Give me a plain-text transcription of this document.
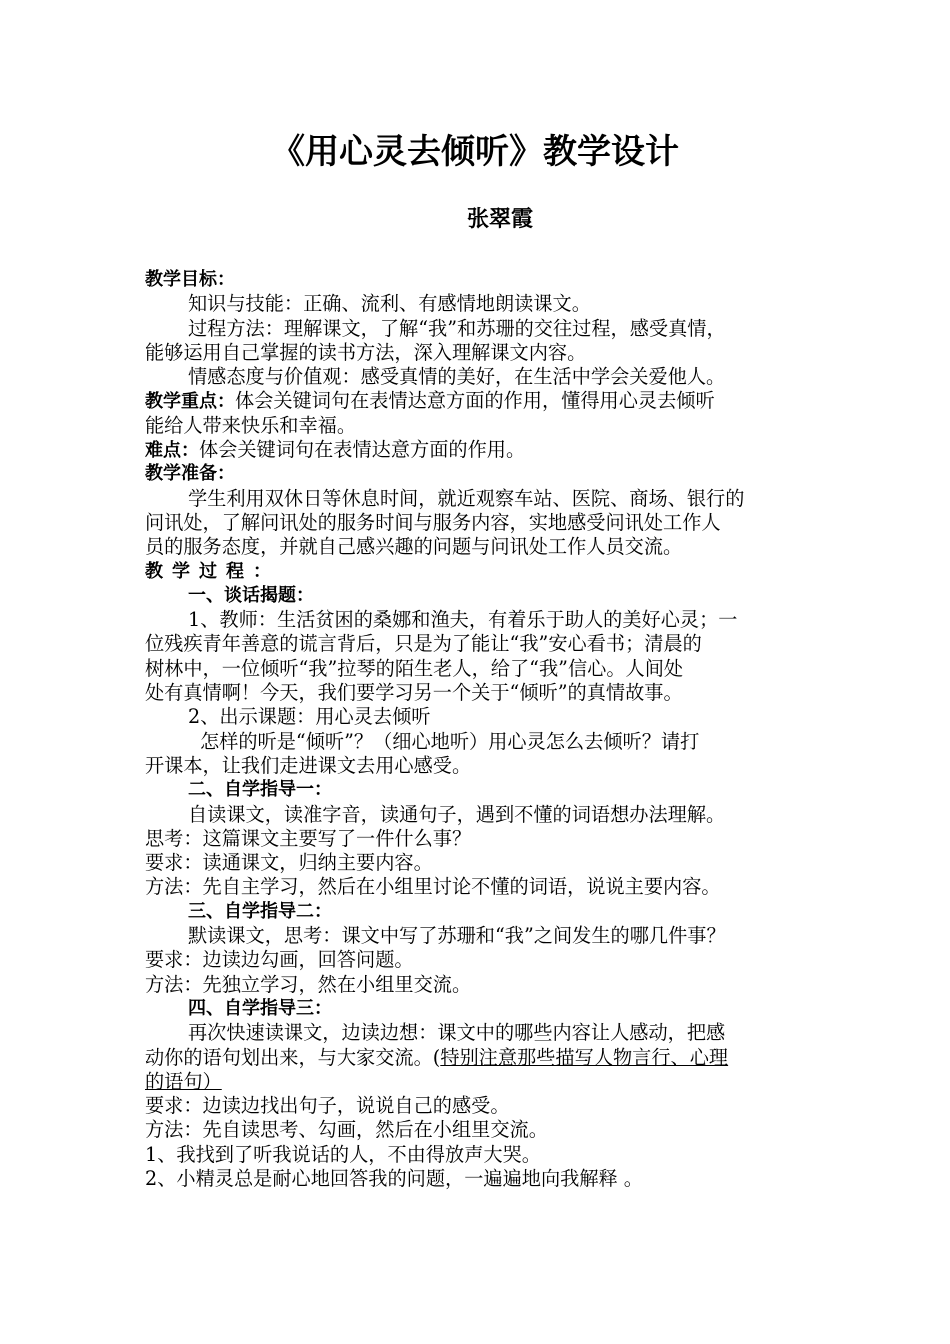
《用心灵去倾听》教学设计
张翠霞
教学目标：
知识与技能：正确、流利、有感情地朗读课文。
过程方法：理解课文，了解“我”和苏珊的交往过程，感受真情，
能够运用自己掌握的读书方法，深入理解课文内容。
情感态度与价值观：感受真情的美好，在生活中学会关爱他人。
教学重点：体会关键词句在表情达意方面的作用，懂得用心灵去倾听
能给人带来快乐和幸福。
难点：体会关键词句在表情达意方面的作用。
教学准备：
学生利用双休日等休息时间，就近观察车站、医院、商场、银行的
问讯处，了解问讯处的服务时间与服务内容，实地感受问讯处工作人
员的服务态度，并就自己感兴趣的问题与问讯处工作人员交流。
教学过程：
一、谈话揭题：
1、教师：生活贫困的桑娜和渔夫，有着乐于助人的美好心灵；一
位残疾青年善意的谎言背后，只是为了能让“我”安心看书；清晨的
树林中，一位倾听“我”拉琴的陌生老人，给了“我”信心。人间处
处有真情啊！今天，我们要学习另一个关于“倾听”的真情故事。
2、出示课题：用心灵去倾听
怎样的听是“倾听”？（细心地听）用心灵怎么去倾听？请打
开课本，让我们走进课文去用心感受。
二、自学指导一：
自读课文，读准字音，读通句子，遇到不懂的词语想办法理解。
思考：这篇课文主要写了一件什么事？
要求：读通课文，归纳主要内容。
方法：先自主学习，然后在小组里讨论不懂的词语，说说主要内容。
三、自学指导二：
默读课文，思考：课文中写了苏珊和“我”之间发生的哪几件事？
要求：边读边勾画，回答问题。
方法：先独立学习，然在小组里交流。
四、自学指导三：
再次快速读课文，边读边想：课文中的哪些内容让人感动，把感
动你的语句划出来，与大家交流。(特别注意那些描写人物言行、心理
的语句）
要求：边读边找出句子，说说自己的感受。
方法：先自读思考、勾画，然后在小组里交流。
1、我找到了听我说话的人，不由得放声大哭。
2、小精灵总是耐心地回答我的问题，一遍遍地向我解释 。
